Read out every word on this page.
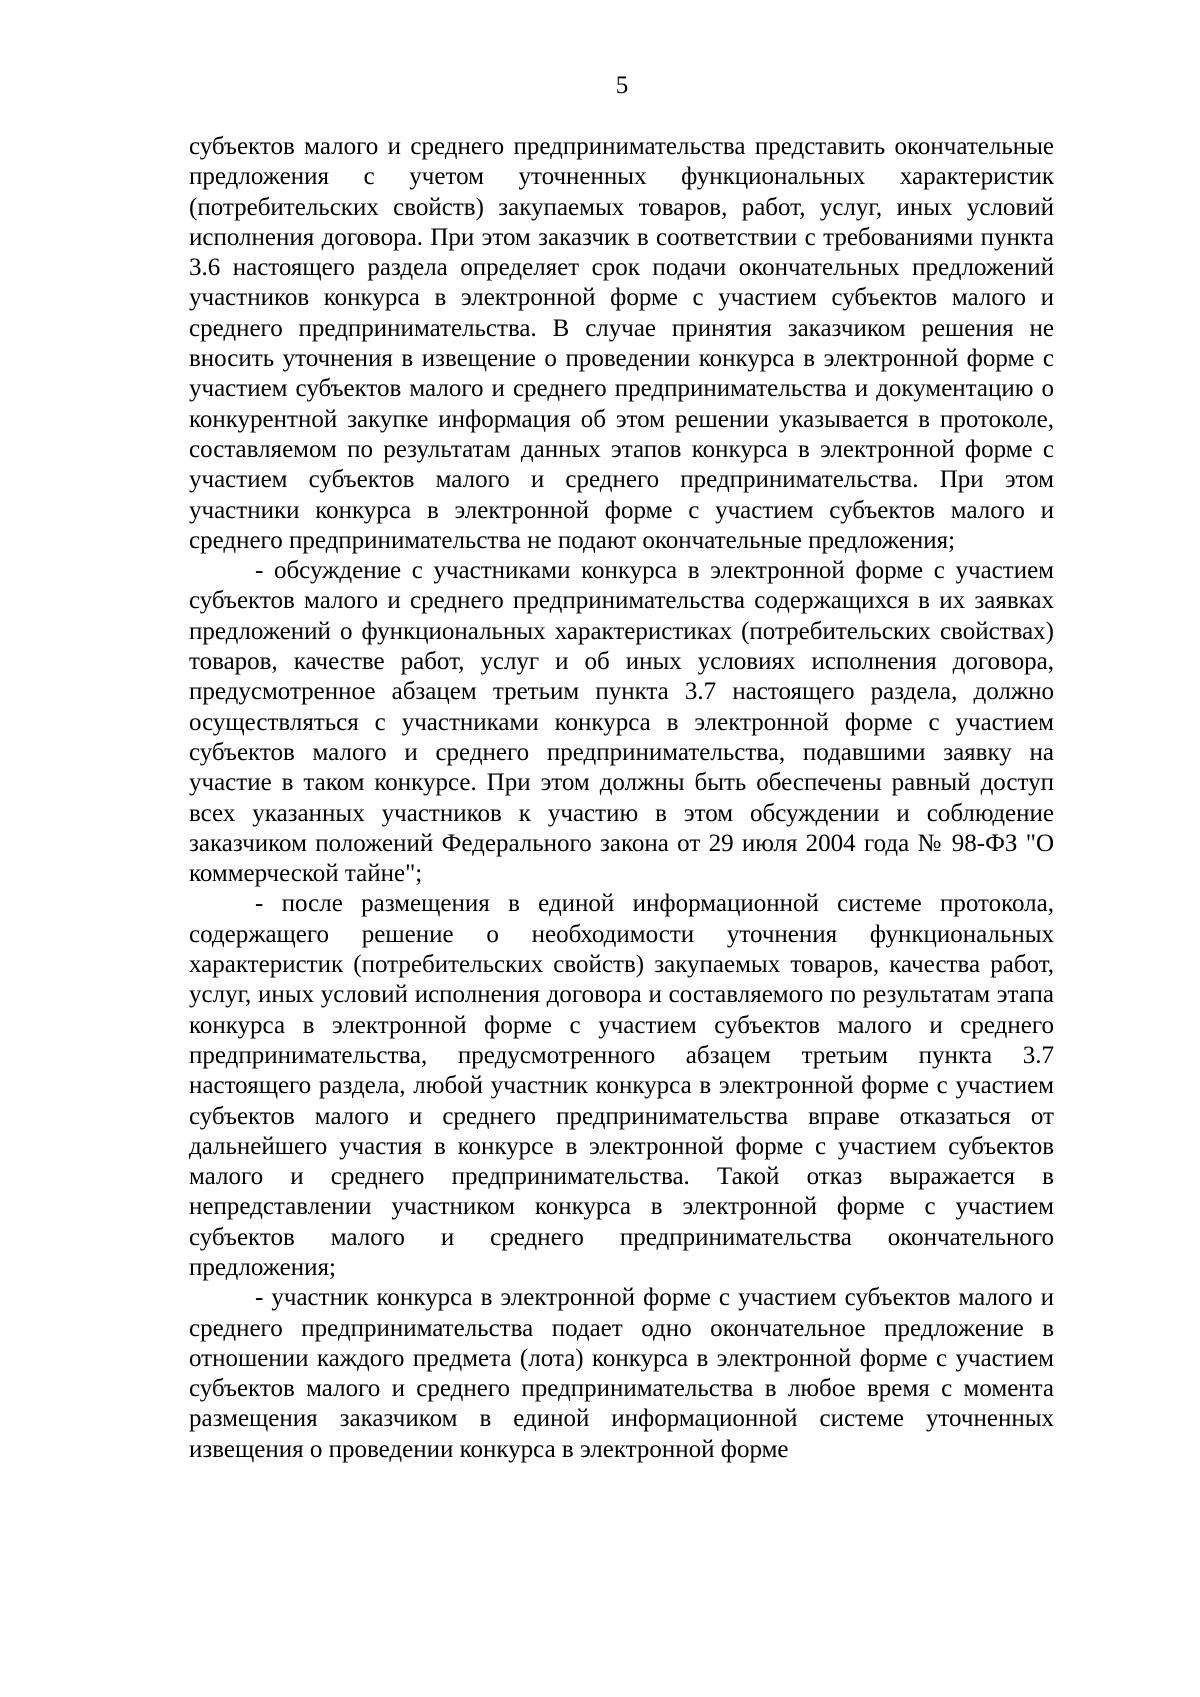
5

субъектов малого и среднего предпринимательства представить окончательные предложения с учетом уточненных функциональных характеристик (потребительских свойств) закупаемых товаров, работ, услуг, иных условий исполнения договора. При этом заказчик в соответствии с требованиями пункта 3.6 настоящего раздела определяет срок подачи окончательных предложений участников конкурса в электронной форме с участием субъектов малого и среднего предпринимательства. В случае принятия заказчиком решения не вносить уточнения в извещение о проведении конкурса в электронной форме с участием субъектов малого и среднего предпринимательства и документацию о конкурентной закупке информация об этом решении указывается в протоколе, составляемом по результатам данных этапов конкурса в электронной форме с участием субъектов малого и среднего предпринимательства. При этом участники конкурса в электронной форме с участием субъектов малого и среднего предпринимательства не подают окончательные предложения;

- обсуждение с участниками конкурса в электронной форме с участием субъектов малого и среднего предпринимательства содержащихся в их заявках предложений о функциональных характеристиках (потребительских свойствах) товаров, качестве работ, услуг и об иных условиях исполнения договора, предусмотренное абзацем третьим пункта 3.7 настоящего раздела, должно осуществляться с участниками конкурса в электронной форме с участием субъектов малого и среднего предпринимательства, подавшими заявку на участие в таком конкурсе. При этом должны быть обеспечены равный доступ всех указанных участников к участию в этом обсуждении и соблюдение заказчиком положений Федерального закона от 29 июля 2004 года № 98-ФЗ "О коммерческой тайне";

- после размещения в единой информационной системе протокола, содержащего решение о необходимости уточнения функциональных характеристик (потребительских свойств) закупаемых товаров, качества работ, услуг, иных условий исполнения договора и составляемого по результатам этапа конкурса в электронной форме с участием субъектов малого и среднего предпринимательства, предусмотренного абзацем третьим пункта 3.7 настоящего раздела, любой участник конкурса в электронной форме с участием субъектов малого и среднего предпринимательства вправе отказаться от дальнейшего участия в конкурсе в электронной форме с участием субъектов малого и среднего предпринимательства. Такой отказ выражается в непредставлении участником конкурса в электронной форме с участием субъектов малого и среднего предпринимательства окончательного предложения;

- участник конкурса в электронной форме с участием субъектов малого и среднего предпринимательства подает одно окончательное предложение в отношении каждого предмета (лота) конкурса в электронной форме с участием субъектов малого и среднего предпринимательства в любое время с момента размещения заказчиком в единой информационной системе уточненных извещения о проведении конкурса в электронной форме
